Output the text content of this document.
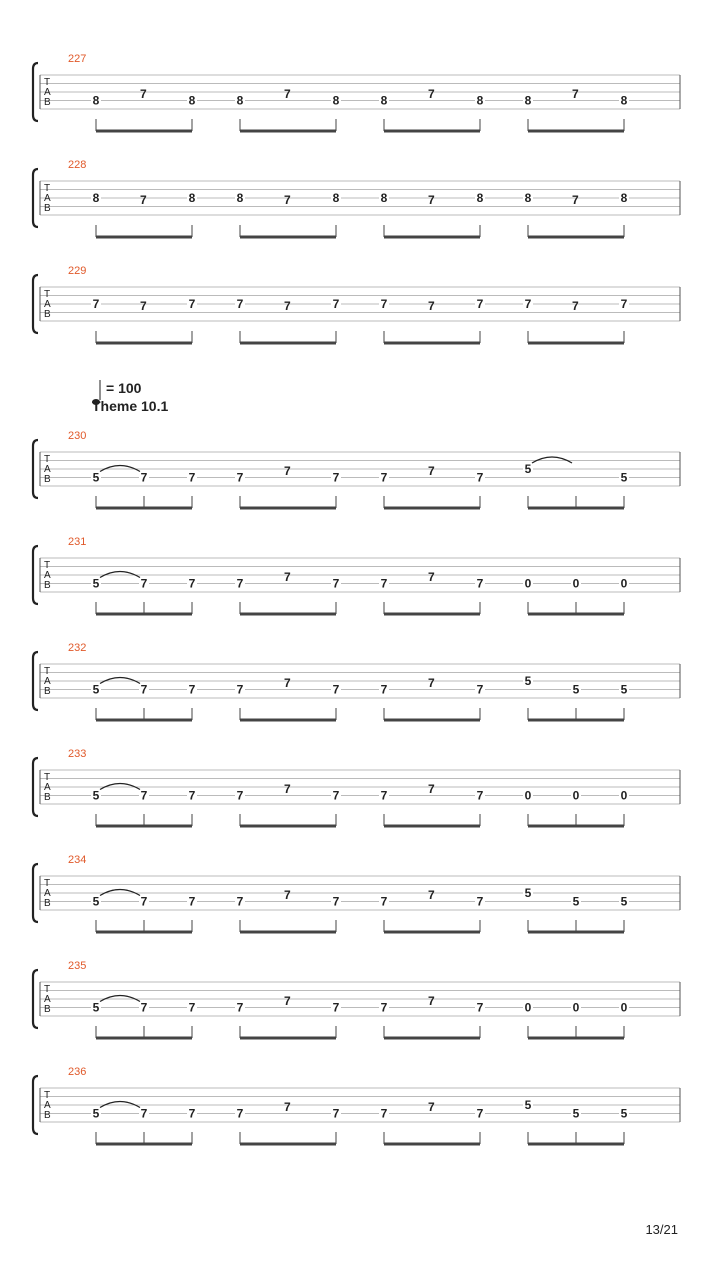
= 100
Theme 10.1
227
T
A
B	8	7	8	8	7	8	8	7	8	8	7	8
228
T
A
B
8	7	8	8	7	8	8	7	8	8	7	8
229
T
A
B
7	7	7	7	7	7	7	7	7	7	7	7
230
T
A
B	5	7	7	7	7	7	7	7	7
5
5
231
T
A
B	5	7	7	7	7	7	7	7	7	0	0	0
232
T
A
B	5	7	7	7	7	7	7	7	7
5
5	5
233
T
A
B	5	7	7	7	7	7	7	7	7	0	0	0
234
T
A
B	5	7	7	7	7	7	7	7	7
5
5	5
235
T
A
B	5	7	7	7	7	7	7	7	7	0	0	0
236
T
A
B	5	7	7	7	7	7	7	7	7
5
5	5
13/21
